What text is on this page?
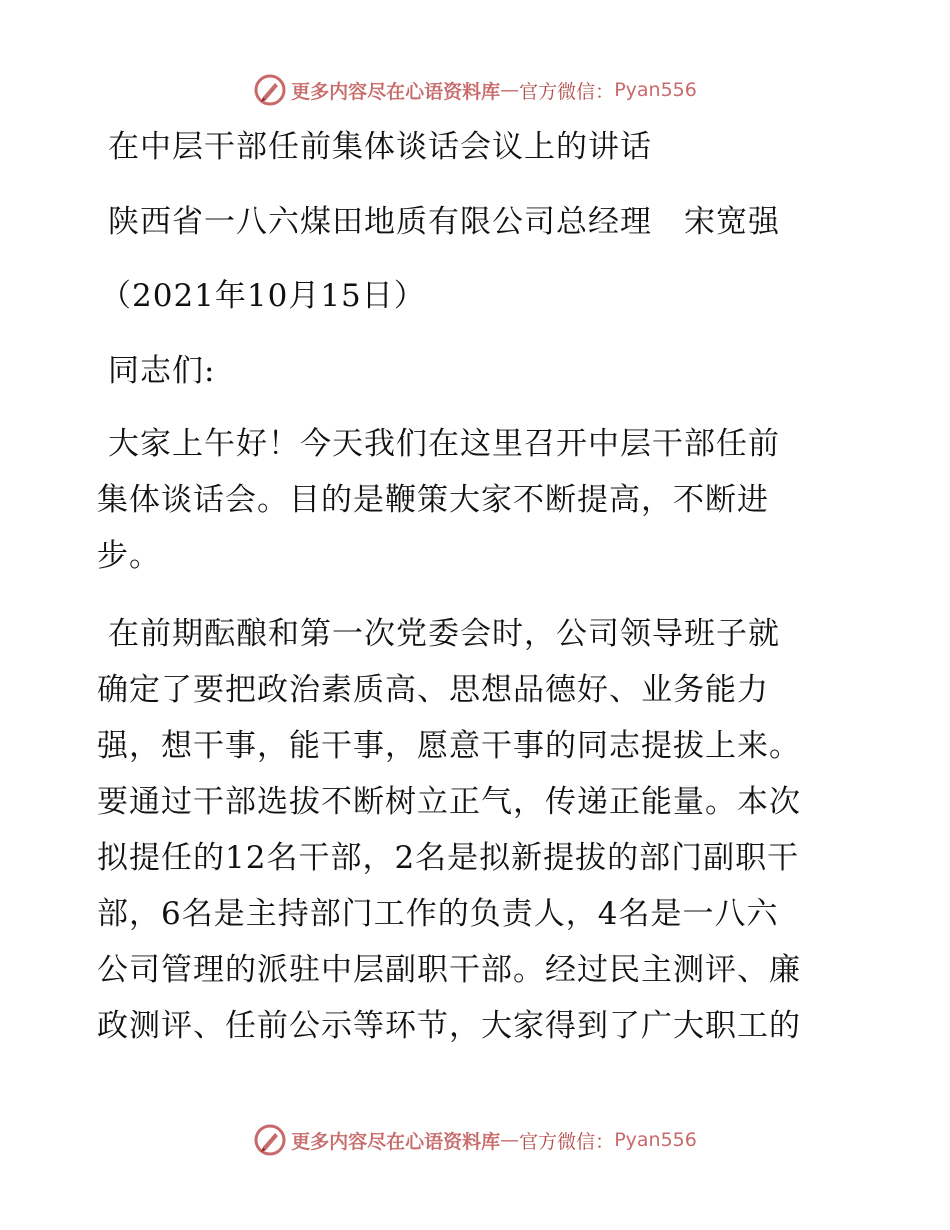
更多内容尽在心语资料库 — 官方微信： Pyan556
在中层干部任前集体谈话会议上的讲话
陕西省一八六煤田地质有限公司总经理　宋宽强
（2021年10月15日）
同志们:
大家上午好！今天我们在这里召开中层干部任前
集体谈话会。目的是鞭策大家不断提高，不断进
步。
在前期酝酿和第一次党委会时，公司领导班子就
确定了要把政治素质高、思想品德好、业务能力
强，想干事，能干事，愿意干事的同志提拔上来。
要通过干部选拔不断树立正气，传递正能量。本次
拟提任的12名干部，2名是拟新提拔的部门副职干
部，6名是主持部门工作的负责人，4名是一八六
公司管理的派驻中层副职干部。经过民主测评、廉
政测评、任前公示等环节，大家得到了广大职工的
更多内容尽在心语资料库 — 官方微信： Pyan556
